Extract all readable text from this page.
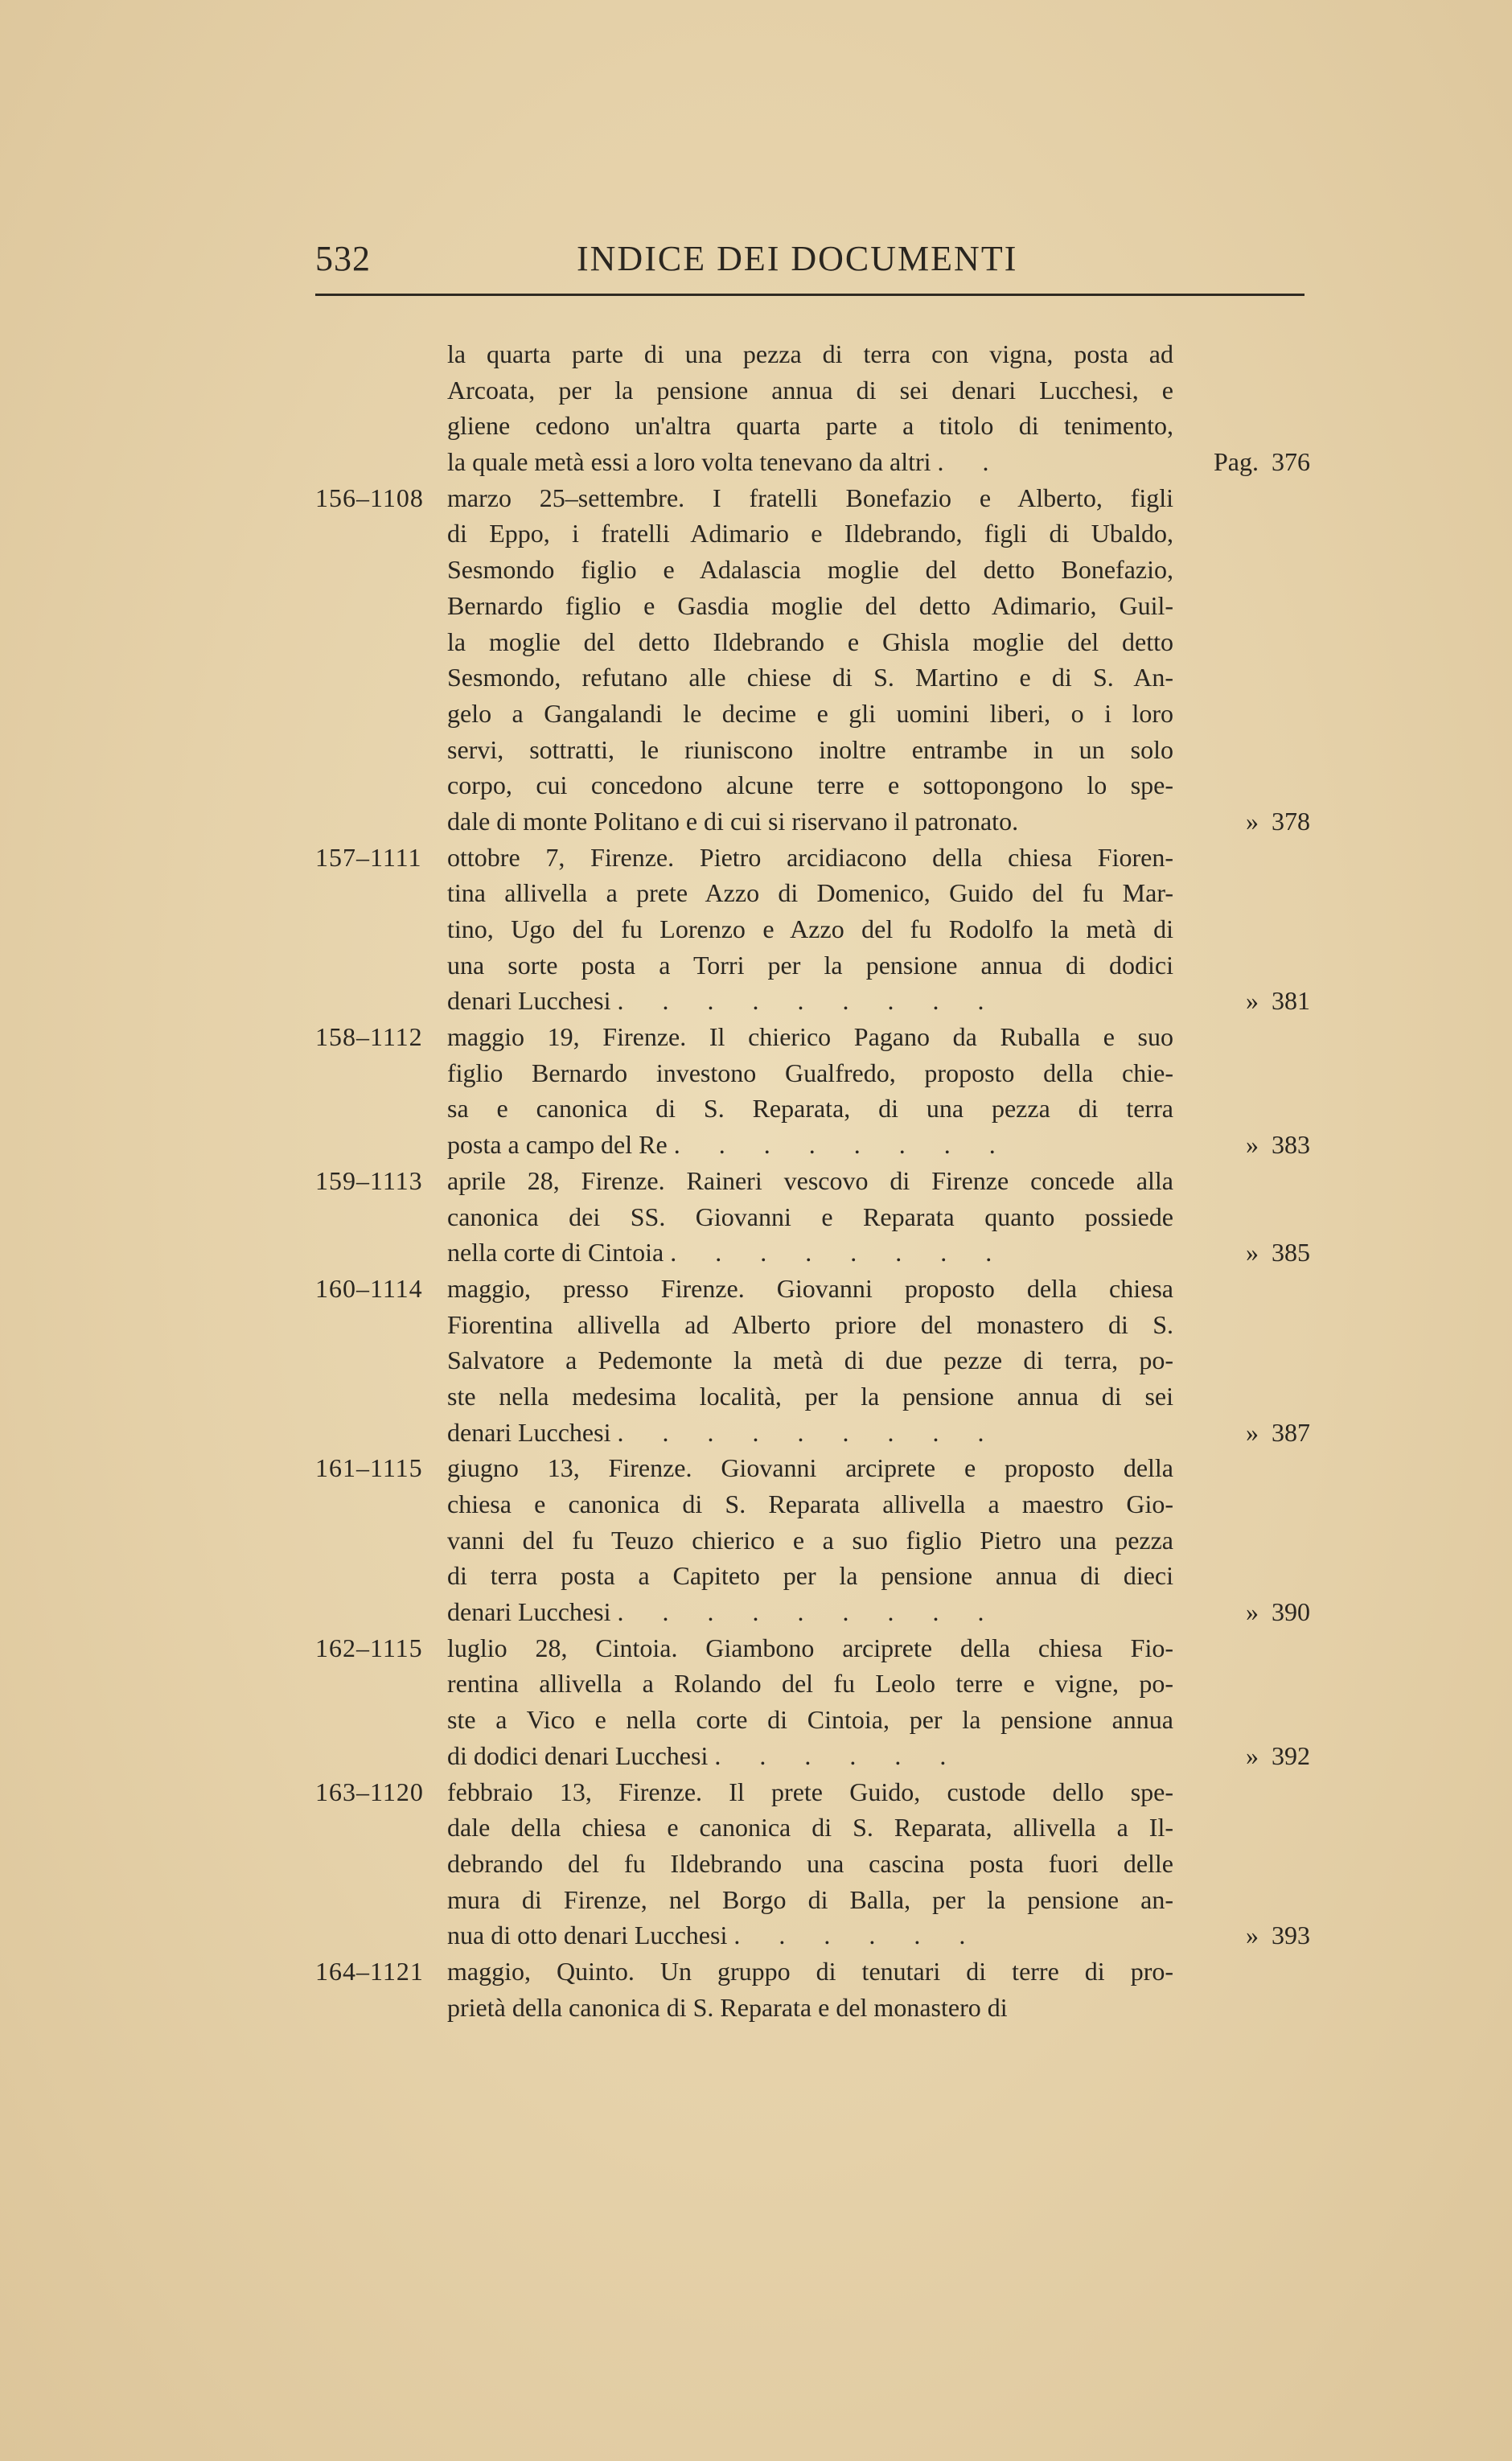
532	INDICE DEI DOCUMENTI
la quarta parte di una pezza di terra con vigna, posta ad
Arcoata, per la pensione annua di sei denari Lucchesi, e
gliene cedono un'altra quarta parte a titolo di tenimento,
la quale metà essi a loro volta tenevano da altri . .	Pag. 376
156–1108 marzo 25–settembre. I fratelli Bonefazio e Alberto, figli
di Eppo, i fratelli Adimario e Ildebrando, figli di Ubaldo,
Sesmondo figlio e Adalascia moglie del detto Bonefazio,
Bernardo figlio e Gasdia moglie del detto Adimario, Guil-
la moglie del detto Ildebrando e Ghisla moglie del detto
Sesmondo, refutano alle chiese di S. Martino e di S. An-
gelo a Gangalandi le decime e gli uomini liberi, o i loro
servi, sottratti, le riuniscono inoltre entrambe in un solo
corpo, cui concedono alcune terre e sottopongono lo spe-
dale di monte Politano e di cui si riservano il patronato.	» 378
157–1111 ottobre 7, Firenze. Pietro arcidiacono della chiesa Fioren-
tina allivella a prete Azzo di Domenico, Guido del fu Mar-
tino, Ugo del fu Lorenzo e Azzo del fu Rodolfo la metà di
una sorte posta a Torri per la pensione annua di dodici
denari Lucchesi . . . . . . . . .	» 381
158–1112 maggio 19, Firenze. Il chierico Pagano da Ruballa e suo
figlio Bernardo investono Gualfredo, proposto della chie-
sa e canonica di S. Reparata, di una pezza di terra
posta a campo del Re . . . . . . . .	» 383
159–1113 aprile 28, Firenze. Raineri vescovo di Firenze concede alla
canonica dei SS. Giovanni e Reparata quanto possiede
nella corte di Cintoia . . . . . . . .	» 385
160–1114 maggio, presso Firenze. Giovanni proposto della chiesa
Fiorentina allivella ad Alberto priore del monastero di S.
Salvatore a Pedemonte la metà di due pezze di terra, po-
ste nella medesima località, per la pensione annua di sei
denari Lucchesi . . . . . . . . .	» 387
161–1115 giugno 13, Firenze. Giovanni arciprete e proposto della
chiesa e canonica di S. Reparata allivella a maestro Gio-
vanni del fu Teuzo chierico e a suo figlio Pietro una pezza
di terra posta a Capiteto per la pensione annua di dieci
denari Lucchesi . . . . . . . . .	» 390
162–1115 luglio 28, Cintoia. Giambono arciprete della chiesa Fio-
rentina allivella a Rolando del fu Leolo terre e vigne, po-
ste a Vico e nella corte di Cintoia, per la pensione annua
di dodici denari Lucchesi . . . . . .	» 392
163–1120 febbraio 13, Firenze. Il prete Guido, custode dello spe-
dale della chiesa e canonica di S. Reparata, allivella a Il-
debrando del fu Ildebrando una cascina posta fuori delle
mura di Firenze, nel Borgo di Balla, per la pensione an-
nua di otto denari Lucchesi . . . . . .	» 393
164–1121 maggio, Quinto. Un gruppo di tenutari di terre di pro-
prietà della canonica di S. Reparata e del monastero di
